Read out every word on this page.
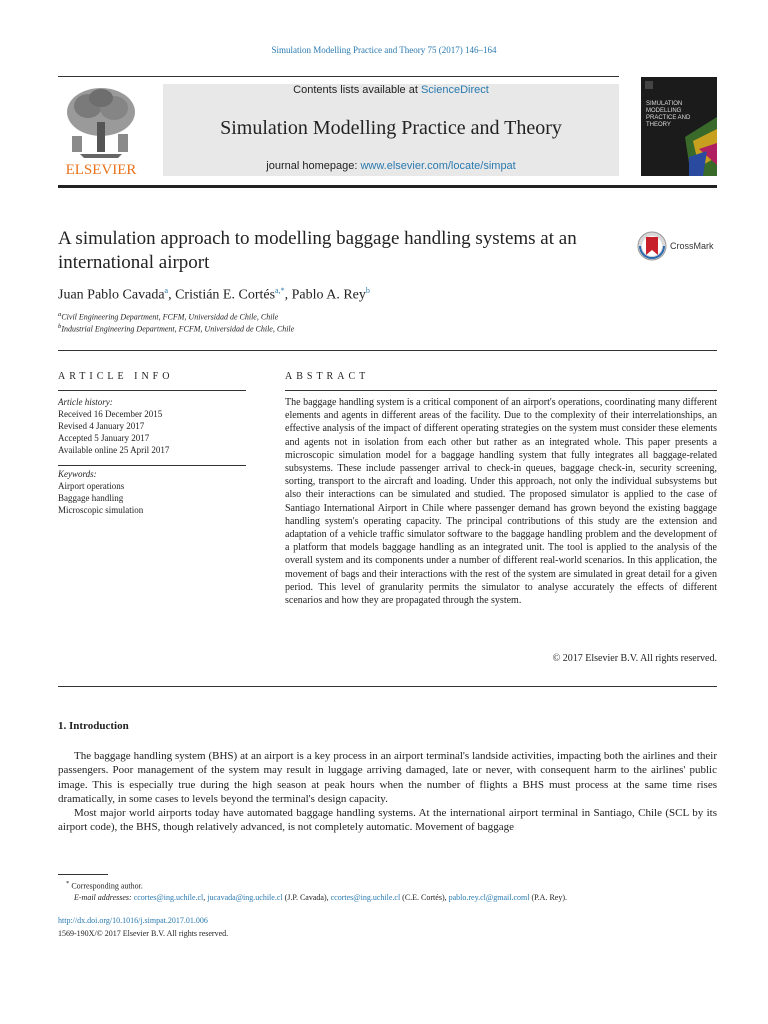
Simulation Modelling Practice and Theory 75 (2017) 146–164
ELSEVIER
Contents lists available at ScienceDirect
Simulation Modelling Practice and Theory
journal homepage: www.elsevier.com/locate/simpat
SIMULATION MODELLING PRACTICE AND THEORY
A simulation approach to modelling baggage handling systems at an international airport
CrossMark
Juan Pablo Cavada$^a$, Cristián E. Cortés$^{a,*}$, Pablo A. Rey$^b$
$^a$Civil Engineering Department, FCFM, Universidad de Chile, Chile
$^b$Industrial Engineering Department, FCFM, Universidad de Chile, Chile
ARTICLE INFO	ABSTRACT
Article history:
Received 16 December 2015
Revised 4 January 2017
Accepted 5 January 2017
Available online 25 April 2017
Keywords:
Airport operations
Baggage handling
Microscopic simulation
The baggage handling system is a critical component of an airport's operations, coordinating many different elements and agents in different areas of the facility. Due to the complexity of their interrelationships, an effective analysis of the impact of different operating strategies on the system must consider these elements and agents not in isolation from each other but rather as an integrated whole. This paper presents a microscopic simulation model for a baggage handling system that fully integrates all baggage-related subsystems. These include passenger arrival to check-in queues, baggage check-in, security screening, sorting, transport to the aircraft and loading. Under this approach, not only the individual subsystems but also their interactions can be simulated and studied. The proposed simulator is applied to the case of Santiago International Airport in Chile where passenger demand has grown beyond the existing baggage handling system's operating capacity. The principal contributions of this study are the extension and adaptation of a vehicle traffic simulator software to the baggage handling problem and the development of a platform that models baggage handling as an integrated unit. The tool is applied to the analysis of the overall system and its components under a number of different real-world scenarios. In this application, the movement of bags and their interactions with the rest of the system are simulated in great detail for a given period. This level of granularity permits the simulator to analyse accurately the effects of different scenarios and how they are propagated through the system.
© 2017 Elsevier B.V. All rights reserved.
1. Introduction

The baggage handling system (BHS) at an airport is a key process in an airport terminal's landside activities, impacting both the airlines and their passengers. Poor management of the system may result in luggage arriving damaged, late or never, with consequent harm to the airlines' public image. This is especially true during the high season at peak hours when the number of flights a BHS must process at the same time rises dramatically, in some cases to levels beyond the terminal's design capacity.

Most major world airports today have automated baggage handling systems. At the international airport terminal in Santiago, Chile (SCL by its airport code), the BHS, though relatively advanced, is not completely automatic. Movement of baggage

* Corresponding author.
E-mail addresses: ccortes@ing.uchile.cl, jucavada@ing.uchile.cl (J.P. Cavada), ccortes@ing.uchile.cl (C.E. Cortés), pablo.rey.cl@gmail.coml (P.A. Rey).
http://dx.doi.org/10.1016/j.simpat.2017.01.006
1569-190X/© 2017 Elsevier B.V. All rights reserved.
